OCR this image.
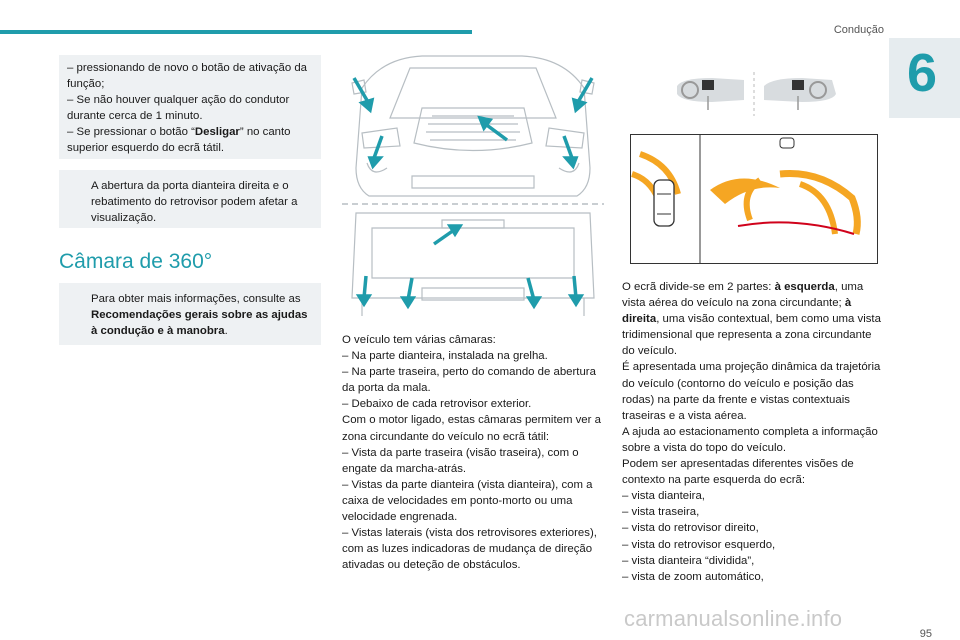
Condução
6

– pressionando de novo o botão de ativação da função;

– Se não houver qualquer ação do condutor durante cerca de 1 minuto.

– Se pressionar o botão “Desligar” no canto superior esquerdo do ecrã tátil.

A abertura da porta dianteira direita e o rebatimento do retrovisor podem afetar a visualização.

Câmara de 360°

Para obter mais informações, consulte as Recomendações gerais sobre as ajudas à condução e à manobra.

O veículo tem várias câmaras:

– Na parte dianteira, instalada na grelha.

– Na parte traseira, perto do comando de abertura da porta da mala.

– Debaixo de cada retrovisor exterior.

Com o motor ligado, estas câmaras permitem ver a zona circundante do veículo no ecrã tátil:

– Vista da parte traseira (visão traseira), com o engate da marcha-atrás.

– Vistas da parte dianteira (vista dianteira), com a caixa de velocidades em ponto-morto ou uma velocidade engrenada.

– Vistas laterais (vista dos retrovisores exteriores), com as luzes indicadoras de mudança de direção ativadas ou deteção de obstáculos.

O ecrã divide-se em 2 partes: à esquerda, uma vista aérea do veículo na zona circundante; à direita, uma visão contextual, bem como uma vista tridimensional que representa a zona circundante do veículo.

É apresentada uma projeção dinâmica da trajetória do veículo (contorno do veículo e posição das rodas) na parte da frente e vistas contextuais traseiras e a vista aérea.

A ajuda ao estacionamento completa a informação sobre a vista do topo do veículo.

Podem ser apresentadas diferentes visões de contexto na parte esquerda do ecrã:

– vista dianteira,

– vista traseira,

– vista do retrovisor direito,

– vista do retrovisor esquerdo,

– vista dianteira “dividida”,

– vista de zoom automático,

carmanualsonline.info
95
